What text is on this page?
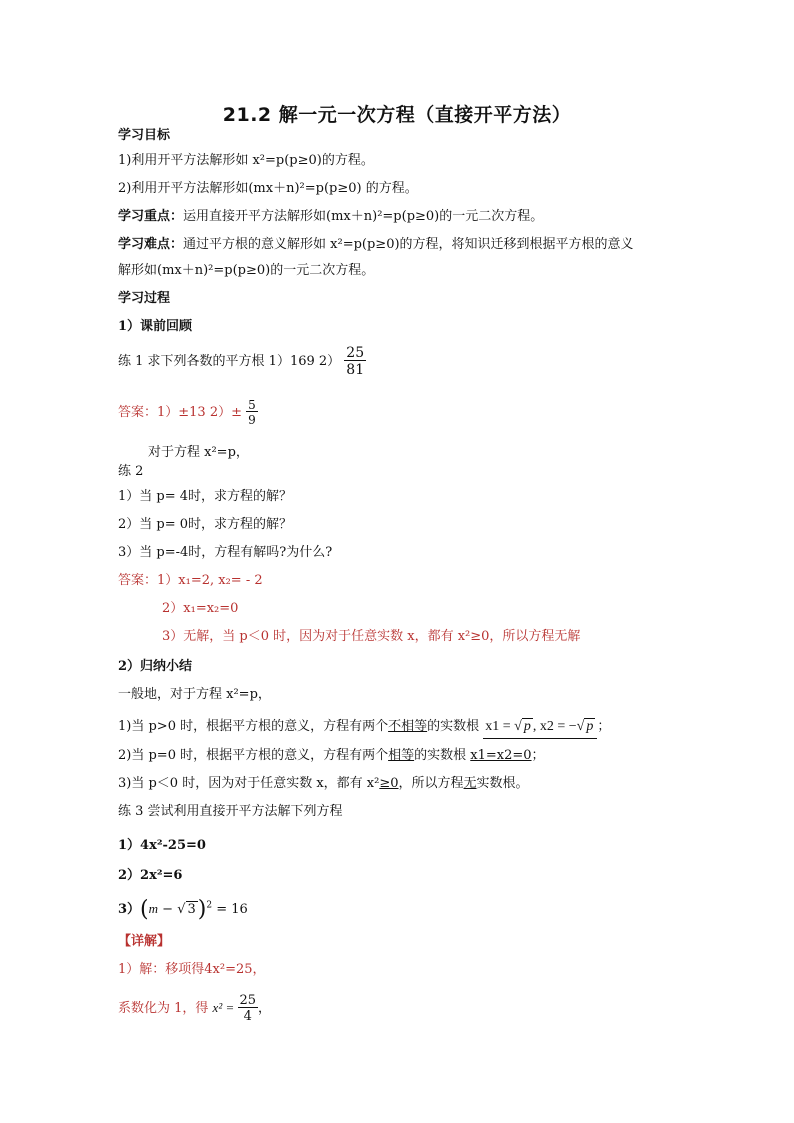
21.2 解一元一次方程（直接开平方法）
学习目标
1)利用开平方法解形如 x²=p(p≥0)的方程。
2)利用开平方法解形如(mx＋n)²=p(p≥0) 的方程。
学习重点：运用直接开平方法解形如(mx＋n)²=p(p≥0)的一元二次方程。
学习难点：通过平方根的意义解形如 x²=p(p≥0)的方程，将知识迁移到根据平方根的意义
解形如(mx＋n)²=p(p≥0)的一元二次方程。
学习过程
1）课前回顾
练 1 求下列各数的平方根 1）169 $2) \frac{25}{81}$
答案：1）±13 $2)\pm \frac{5}{9}$
对于方程 x²=p，
练 2
1）当 p= 4时，求方程的解？
2）当 p= 0时，求方程的解？
3）当 p=-4时，方程有解吗?为什么?
答案：1）x₁=2, x₂= - 2
2）x₁=x₂=0
3）无解，当 p＜0 时，因为对于任意实数 x，都有 x²≥0，所以方程无解
2）归纳小结
一般地，对于方程 x²=p，
1)当 p>0 时，根据平方根的意义，方程有两个不相等的实数根 x1 = √ p , x2 = −√ p ；
2)当 p=0 时，根据平方根的意义，方程有两个相等的实数根 x1=x2=0；
3)当 p＜0 时，因为对于任意实数 x，都有 x²≥0，所以方程无实数根。
练 3 尝试利用直接开平方法解下列方程
1）4x²-25=0
2）2x²=6
3）(m − √ 3)$^2$ = 16
【详解】
1）解：移项得4x²=25，
系数化为 1，得 $x^2 = \frac{25}{4}$ ，
